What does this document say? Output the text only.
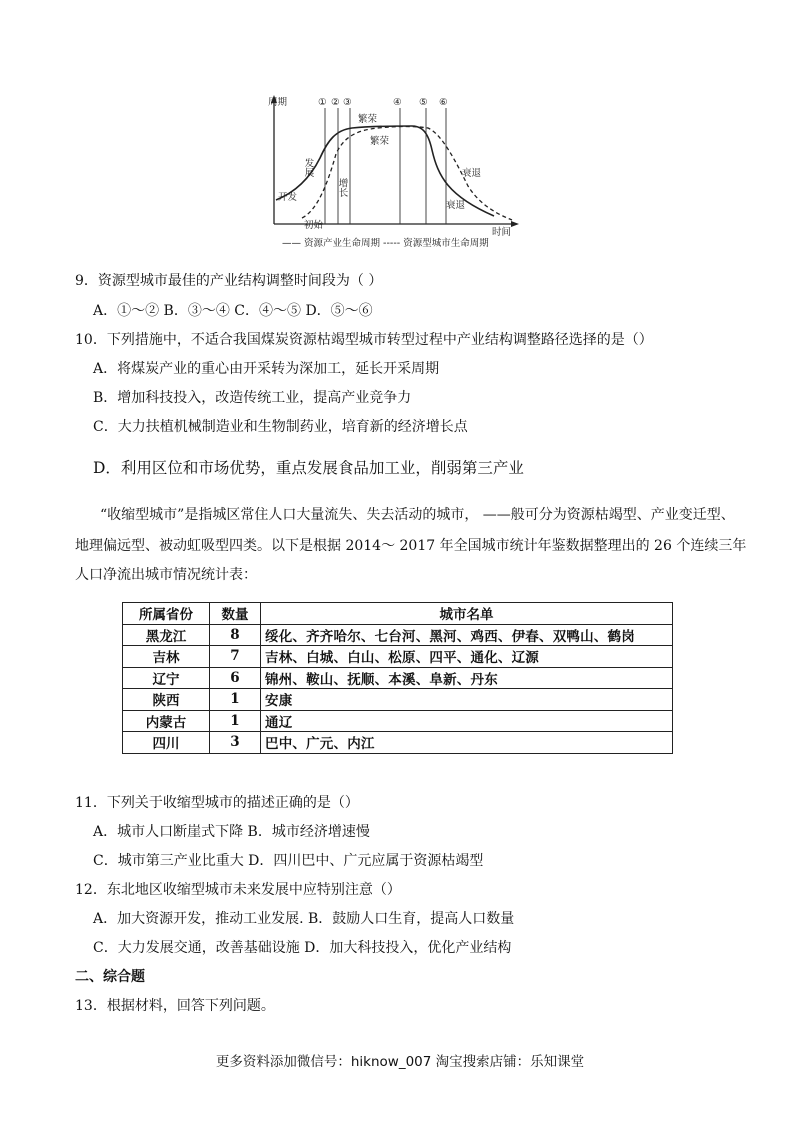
周期
时间
① ② ③	④ ⑤ ⑥
开发
初始
发展
增长
繁荣
繁荣
衰退
衰退
—— 资源产业生命周期 ----- 资源型城市生命周期
9．资源型城市最佳的产业结构调整时间段为（ ）
A．①～② B．③～④ C．④～⑤ D．⑤～⑥
10．下列措施中，不适合我国煤炭资源枯竭型城市转型过程中产业结构调整路径选择的是（）
A．将煤炭产业的重心由开采转为深加工，延长开采周期
B．增加科技投入，改造传统工业，提高产业竞争力
C．大力扶植机械制造业和生物制药业，培育新的经济增长点
D．利用区位和市场优势，重点发展食品加工业，削弱第三产业
“收缩型城市”是指城区常住人口大量流失、失去活动的城市， ——般可分为资源枯竭型、产业变迁型、
地理偏远型、被动虹吸型四类。以下是根据 2014～ 2017 年全国城市统计年鉴数据整理出的 26 个连续三年
人口净流出城市情况统计表：
所属省份	数量	城市名单
黑龙江	8	绥化、齐齐哈尔、七台河、黑河、鸡西、伊春、双鸭山、鹤岗
吉林	7	吉林、白城、白山、松原、四平、通化、辽源
辽宁	6	锦州、鞍山、抚顺、本溪、阜新、丹东
陕西	1	安康
内蒙古	1	通辽
四川	3	巴中、广元、内江
11．下列关于收缩型城市的描述正确的是（）
A．城市人口断崖式下降 B．城市经济增速慢
C．城市第三产业比重大 D．四川巴中、广元应属于资源枯竭型
12．东北地区收缩型城市未来发展中应特别注意（）
A．加大资源开发，推动工业发展. B．鼓励人口生育，提高人口数量
C．大力发展交通，改善基础设施 D．加大科技投入，优化产业结构
二、综合题
13．根据材料，回答下列问题。
更多资料添加微信号：hiknow_007 淘宝搜索店铺：乐知课堂
